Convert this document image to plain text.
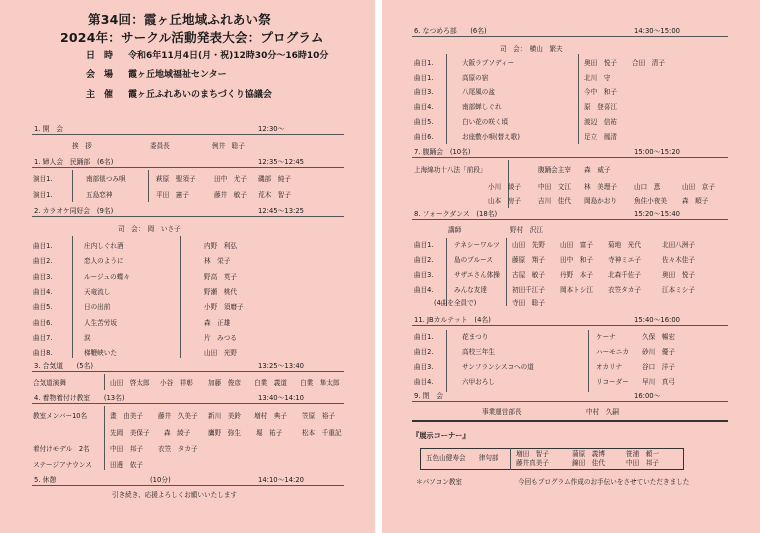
第34回：霞ヶ丘地域ふれあい祭
2024年：サークル活動発表大会：プログラム
日　時 令和6年11月4日(月・祝)12時30分～16時10分
会　場 霞ヶ丘地域福祉センター
主　催 霞ヶ丘ふれあいのまちづくり協議会
1. 開　会	12:30～
挨　拶	委員長	例井　聡子
1. 婦人会　民踊部　(6名)	12:35～12:45
演目1.	南部俵つみ唄	萩原　聖須子	田中　尤子 磯部　純子
演目1.	五島恋神	平田　憲子	藤井　敏子 荒木　智子
2. カラオケ同好会　(9名)	12:45～13:25
司　会：　岡　いさ子
曲目1.	庄内しぐれ酒	内野　利弘
曲目2.	恋人のように	林　栄子
曲目3.	ルージュの蝶々	野高　英子
曲目4.	天竜流し	野瀬　桃代
曲目5.	日の出前	小野　須磨子
曲目6.	人生苦労坂	森　正雄
曲目7.	涙	片　みつる
曲目8.	梯鞭峡いた	山田　光野
3. 合気道　　(5名)	13:25～13:40
合気道演舞	山田　啓太郎 小谷　祥彰 加藤　俊彦 白業　義道 白業　隼太郎
4. 着物着付け教室　　(13名)	13:40～14:10
教室メンバー10名	畫　由美子 藤井　久美子 新川　美鈴 増村　典子 笠原　裕子
先岡　美保子 森　綾子	鷹野　弥生 堀　祐子	松本　千重記
着付けモデル　2名	中田　邦子 衣笠　タカ子
ステージアナウンス	田邊　依子
5. 休憩	(10分)	14:10～14:20
引き続き、応援よろしくお願いいたします
6. なつめろ部　　(6名)	14:30～15:00
司　会：　横山　繁夫
曲目1.	大阪ラプソディー	奥田　悦子 合田　清子
曲目1.	高原の宿	北川　守
曲目3.	八尾風の盆	今中　和子
曲目4.	南部蝉しぐれ	原　登喜江
曲目5.	白い花の咲く頃	渡辺　信祐
曲目6.	お座敷小唄(替え歌)	足立　鳳清
7. 腹踊会　(10名)	15:00～15:20
上海綿功十八法「前段」	腹踊会主宰　　森　威子
小川　綾子	中田　文江 林　美理子	山口　恵	山田　京子
山本　房子	吉川　佳代 岡島かおり	魚住小夜美 森　順子
8. フォークダンス　(18名)	15:20～15:40
講師	野村　沢江
曲目1.	テネシーワルツ 山田　先野 山田　富子 菊地　光代	北田八洲子
曲目2.	島のブルース	藤原　翔子 田中　和子 寺神ミエ子	佐々木佳子
曲目3.	サザエさん体操 古屋　敏子 丹野　本子 北森千佐子	奥田　悦子
曲目4.	みんな友達	初田千江子 岡本トシ江 衣笠タカ子	江本ミシ子
(4曲を全員で)	寺田　聡子
11. JBカルテット　(4名)	15:40～16:00
曲目1.	花まつり	ケーナ	久保　暢宏
曲目2.	高校三年生	ハーモニカ 砂川　優子
曲目3.	サンフランシスコへの道	オカリナ	谷口　洋子
曲目4.	六甲おろし	リコーダー 早川　真弓
9. 閉　会	16:00～
事業運営部長	中村　久嗣
『展示コーナー』
五色山健寿会　　律句部	増田　智子	蒲原　義博	笹浦　頼一
藤井真美子	錦田　佳代	中田　邦子
＊パソコン教室	今回もプログラム作成のお手伝いをさせていただきました
